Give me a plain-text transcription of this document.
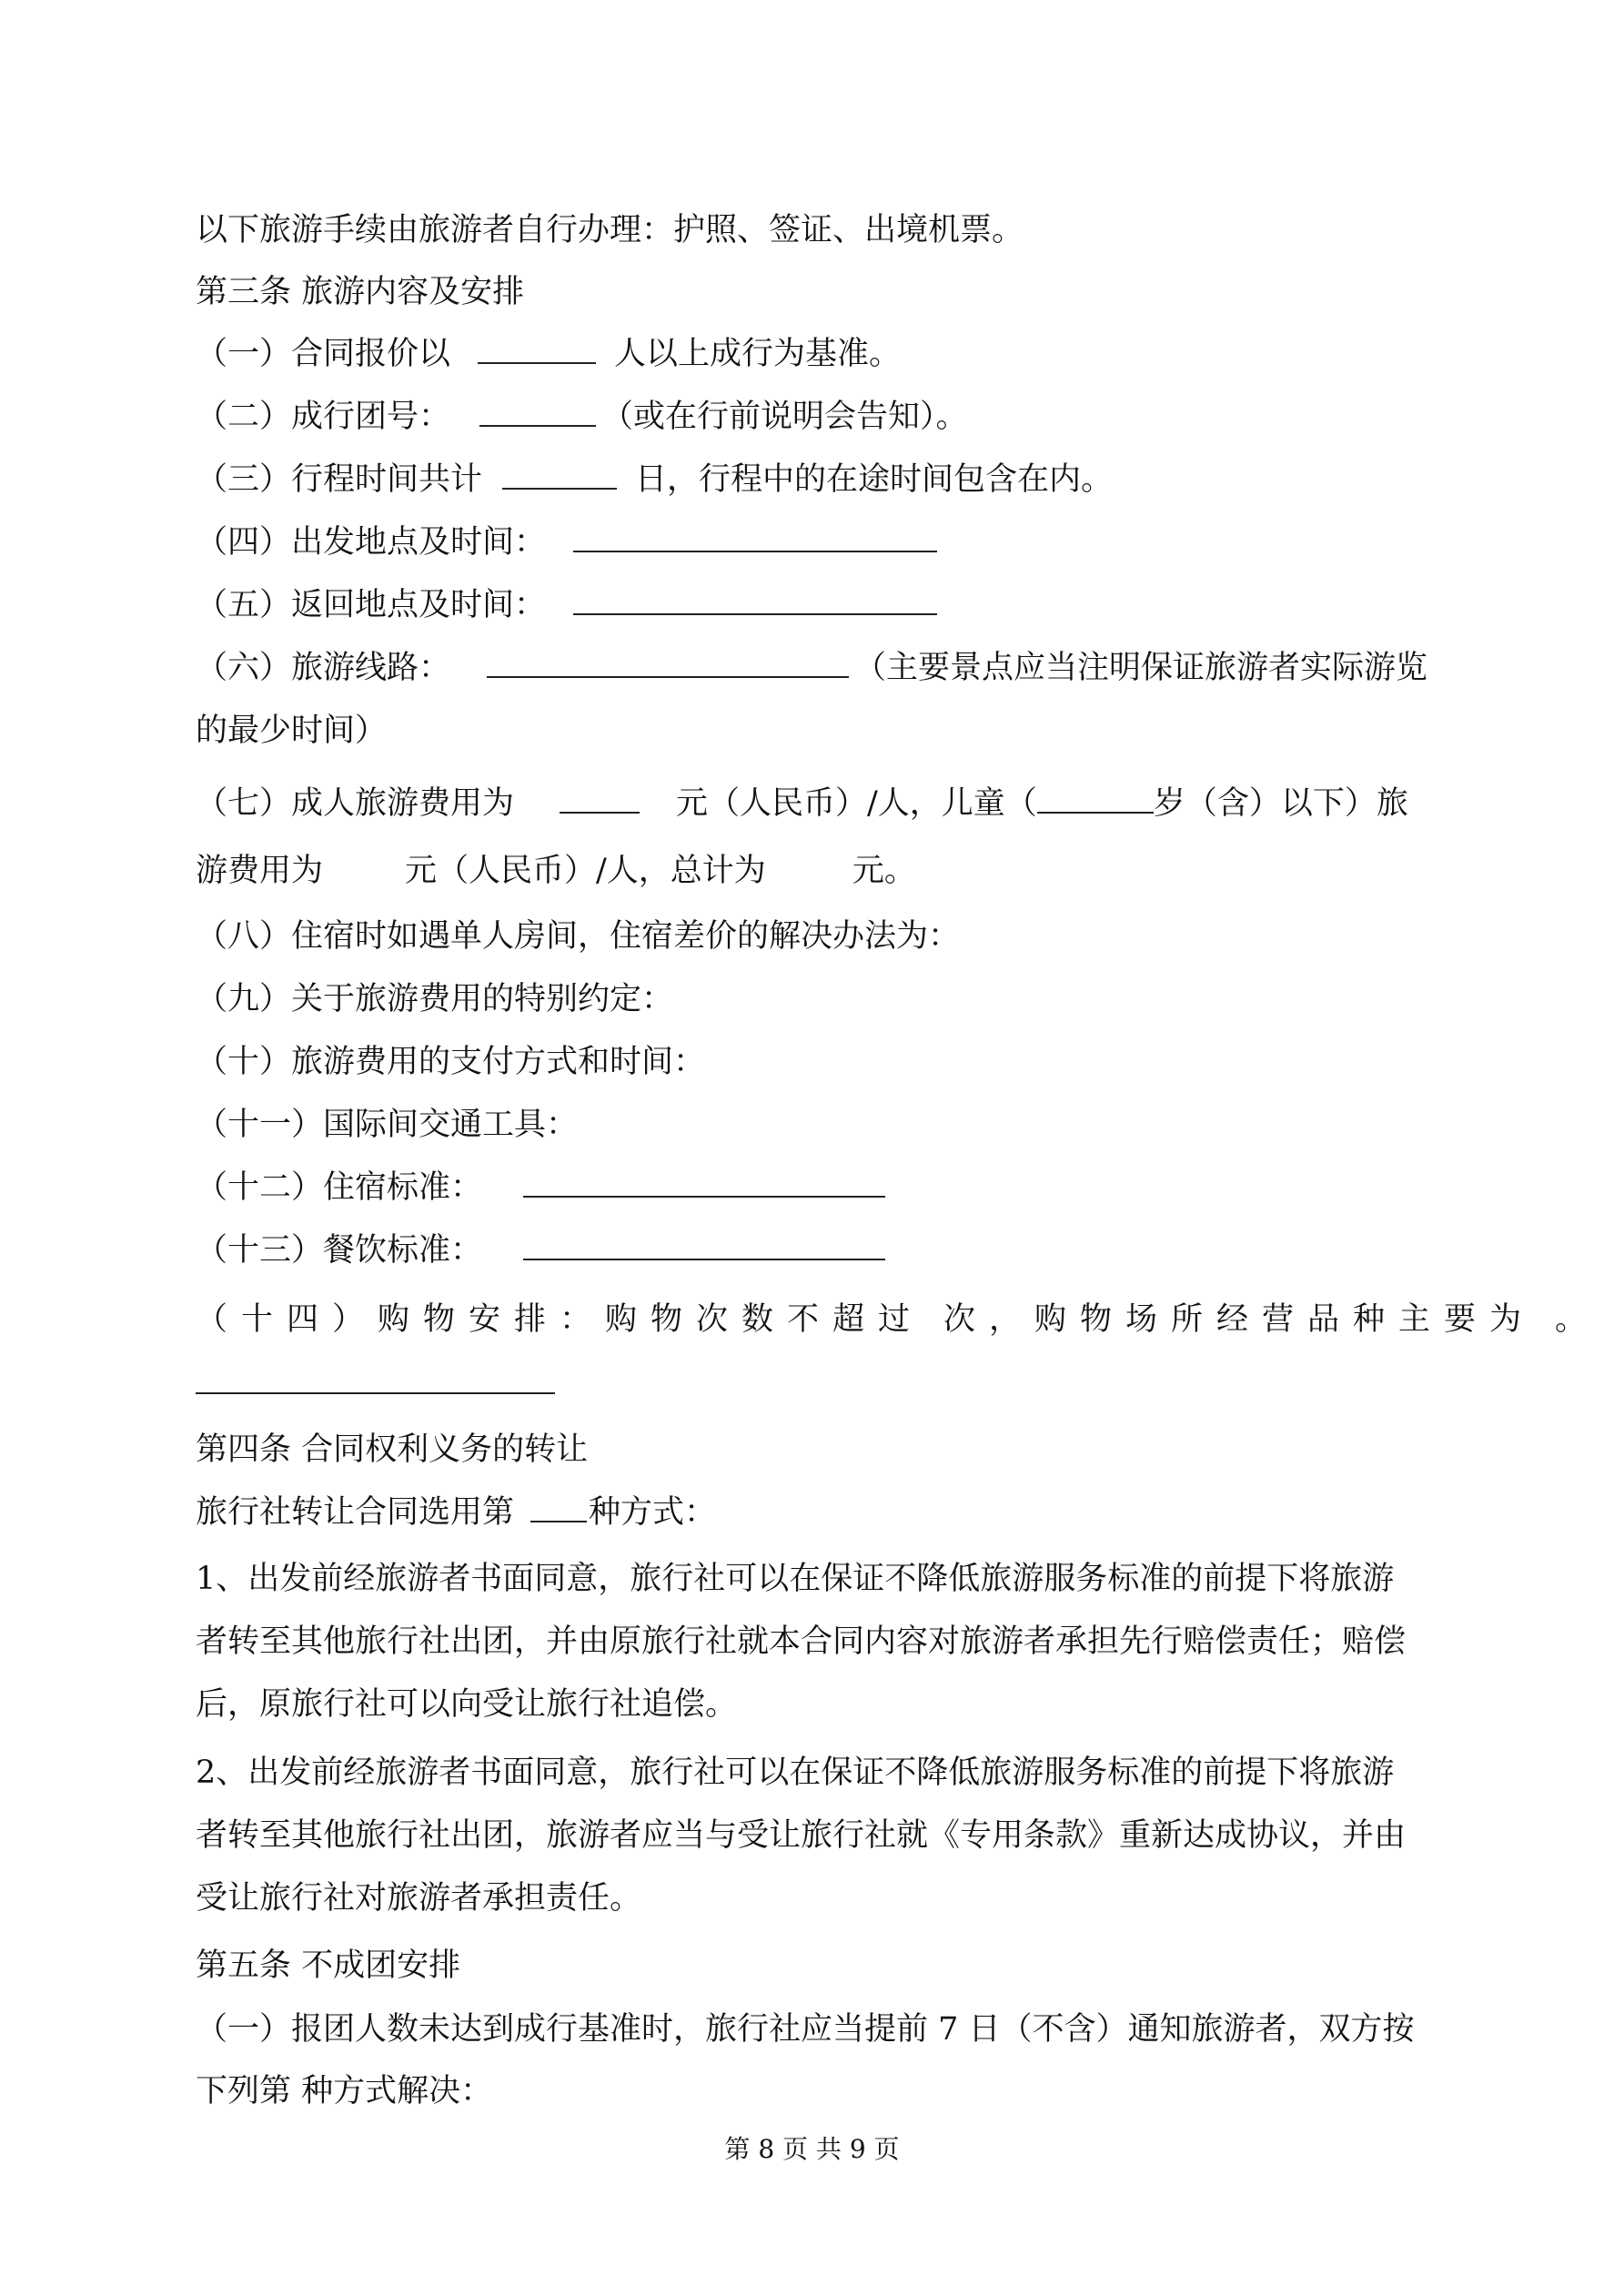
以下旅游手续由旅游者自行办理：护照、签证、出境机票。
第三条 旅游内容及安排
（一）合同报价以	人以上成行为基准。
（二）成行团号：	（或在行前说明会告知）。
（三）行程时间共计	日，行程中的在途时间包含在内。
（四）出发地点及时间：
（五）返回地点及时间：
（六）旅游线路：	（主要景点应当注明保证旅游者实际游览
的最少时间）
（七）成人旅游费用为	元（人民币）/人，儿童（	岁（含）以下）旅
游费用为	元（人民币）/人，总计为	元。
（八）住宿时如遇单人房间，住宿差价的解决办法为：
（九）关于旅游费用的特别约定：
（十）旅游费用的支付方式和时间：
（十一）国际间交通工具：
（十二）住宿标准：
（十三）餐饮标准：
（十四）购物安排：购物次数不超过 次，购物场所经营品种主要为 。
第四条 合同权利义务的转让
旅行社转让合同选用第 种方式：
1、出发前经旅游者书面同意，旅行社可以在保证不降低旅游服务标准的前提下将旅游
者转至其他旅行社出团，并由原旅行社就本合同内容对旅游者承担先行赔偿责任；赔偿
后，原旅行社可以向受让旅行社追偿。
2、出发前经旅游者书面同意，旅行社可以在保证不降低旅游服务标准的前提下将旅游
者转至其他旅行社出团，旅游者应当与受让旅行社就《专用条款》重新达成协议，并由
受让旅行社对旅游者承担责任。
第五条 不成团安排
（一）报团人数未达到成行基准时，旅行社应当提前 7 日（不含）通知旅游者，双方按
下列第 种方式解决：
第 8 页 共 9 页
